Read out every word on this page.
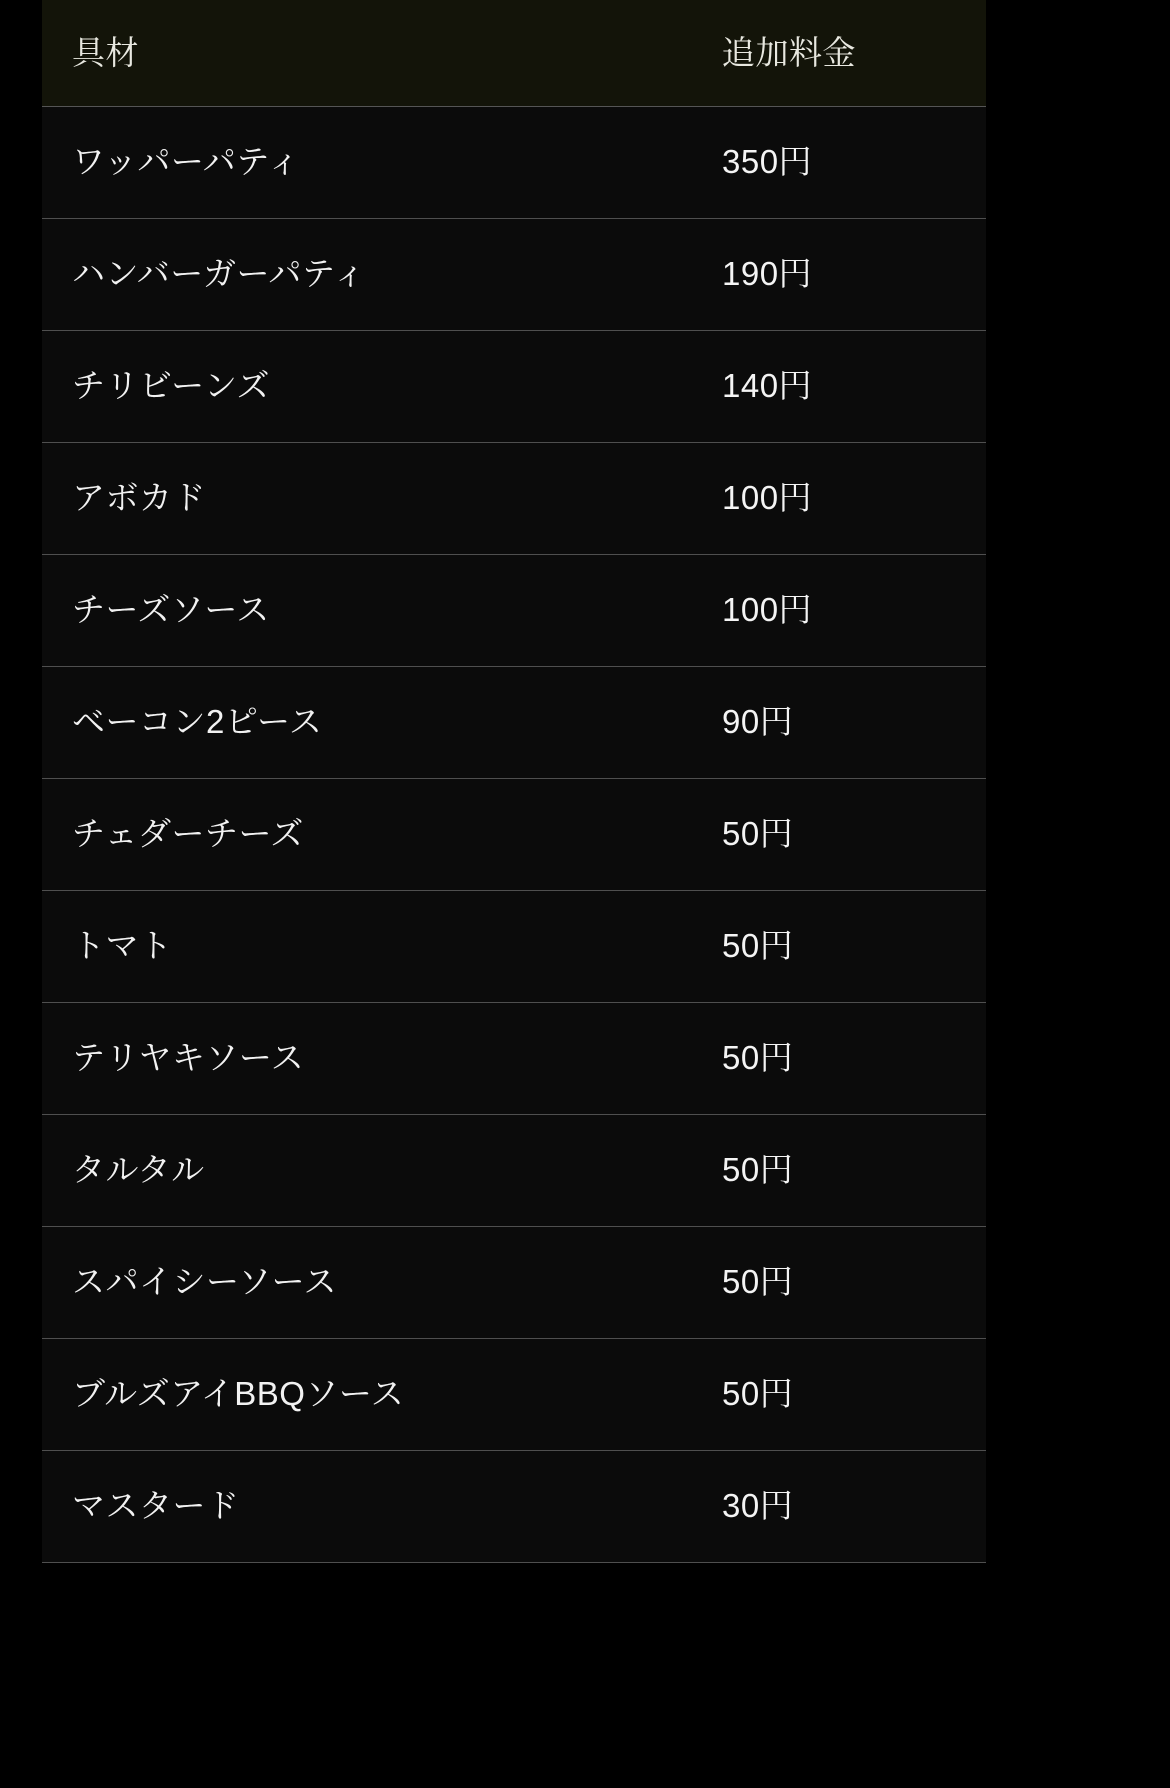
具材	追加料金
ワッパーパティ	350円
ハンバーガーパティ	190円
チリビーンズ	140円
アボカド	100円
チーズソース	100円
ベーコン2ピース	90円
チェダーチーズ	50円
トマト	50円
テリヤキソース	50円
タルタル	50円
スパイシーソース	50円
ブルズアイBBQソース	50円
マスタード	30円
